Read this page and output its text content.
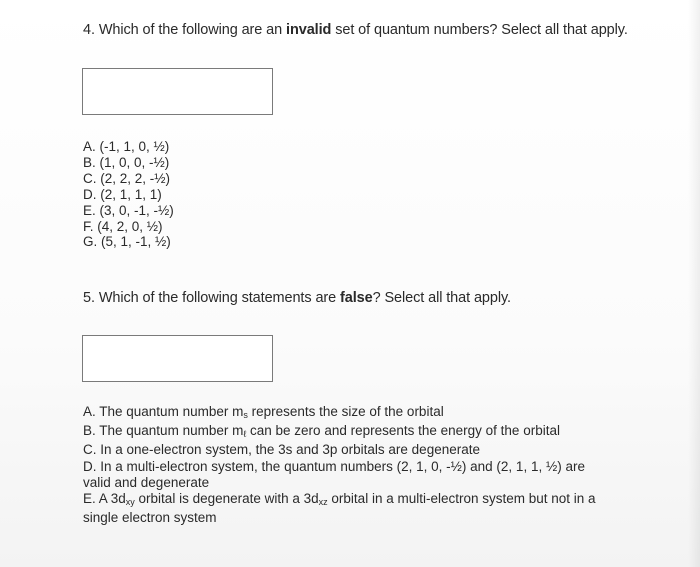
4. Which of the following are an invalid set of quantum numbers? Select all that apply.
A. (-1, 1, 0, ½)
B. (1, 0, 0, -½)
C. (2, 2, 2, -½)
D. (2, 1, 1, 1)
E. (3, 0, -1, -½)
F. (4, 2, 0, ½)
G. (5, 1, -1, ½)
5. Which of the following statements are false? Select all that apply.
A. The quantum number $m_s$ represents the size of the orbital
B. The quantum number $m_\ell$ can be zero and represents the energy of the orbital
C. In a one-electron system, the 3s and 3p orbitals are degenerate
D. In a multi-electron system, the quantum numbers (2, 1, 0, -½) and (2, 1, 1, ½) are
valid and degenerate
E. A $3d_{xy}$ orbital is degenerate with a $3d_{xz}$ orbital in a multi-electron system but not in a
single electron system
